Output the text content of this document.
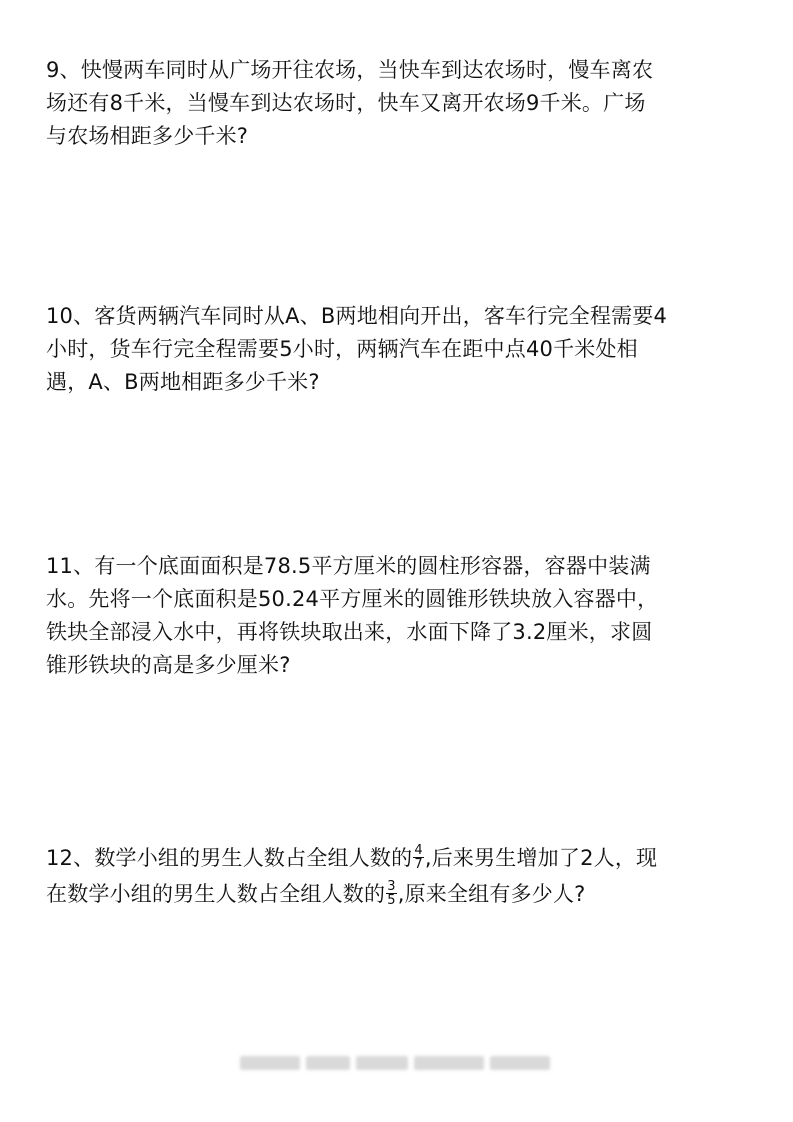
9、快慢两车同时从广场开往农场，当快车到达农场时，慢车离农
场还有8千米，当慢车到达农场时，快车又离开农场9千米。广场
与农场相距多少千米?
10、客货两辆汽车同时从A、B两地相向开出，客车行完全程需要4
小时，货车行完全程需要5小时，两辆汽车在距中点40千米处相
遇，A、B两地相距多少千米?
11、有一个底面面积是78.5平方厘米的圆柱形容器，容器中装满
水。先将一个底面积是50.24平方厘米的圆锥形铁块放入容器中，
铁块全部浸入水中，再将铁块取出来，水面下降了3.2厘米，求圆
锥形铁块的高是多少厘米?
12、数学小组的男生人数占全组人数的 $\frac{4}{7}$ ,后来男生增加了2人，现
在数学小组的男生人数占全组人数的 $\frac{3}{5}$ ,原来全组有多少人?
